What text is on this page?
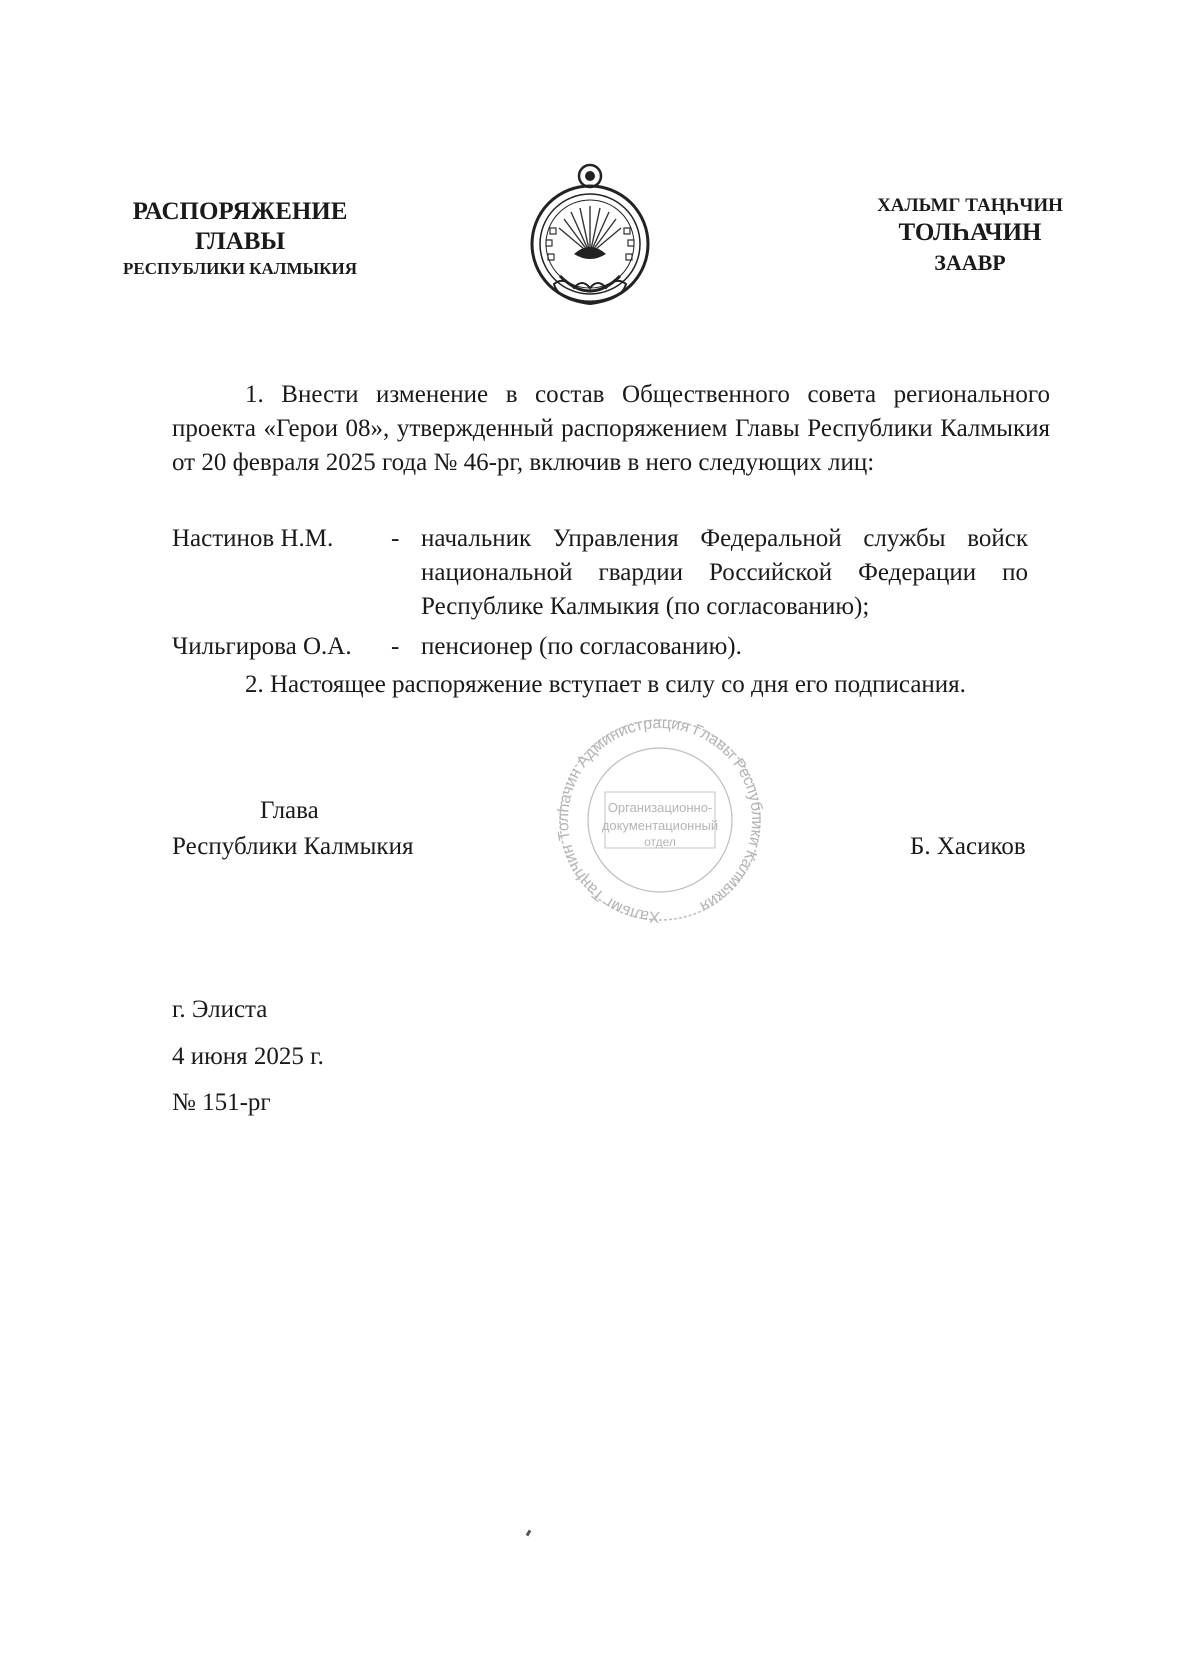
РАСПОРЯЖЕНИЕ
ГЛАВЫ
РЕСПУБЛИКИ КАЛМЫКИЯ
ХАЛЬМГ ТАҢҺЧИН
ТОЛҺАЧИН
ЗААВР
1. Внести изменение в состав Общественного совета регионального проекта «Герои 08», утвержденный распоряжением Главы Республики Калмыкия от 20 февраля 2025 года № 46-рг, включив в него следующих лиц:
Настинов Н.М. - начальник Управления Федеральной службы войск национальной гвардии Российской Федерации по Республике Калмыкия (по согласованию);
Чильгирова О.А. - пенсионер (по согласованию).
2. Настоящее распоряжение вступает в силу со дня его подписания.
Хальмг Таңһчин Толһачин Администрация Главы Республики Калмыкия
Организационно-
документационный
отдел
Глава
Республики Калмыкия	Б. Хасиков
г. Элиста
4 июня 2025 г.
№ 151-рг
